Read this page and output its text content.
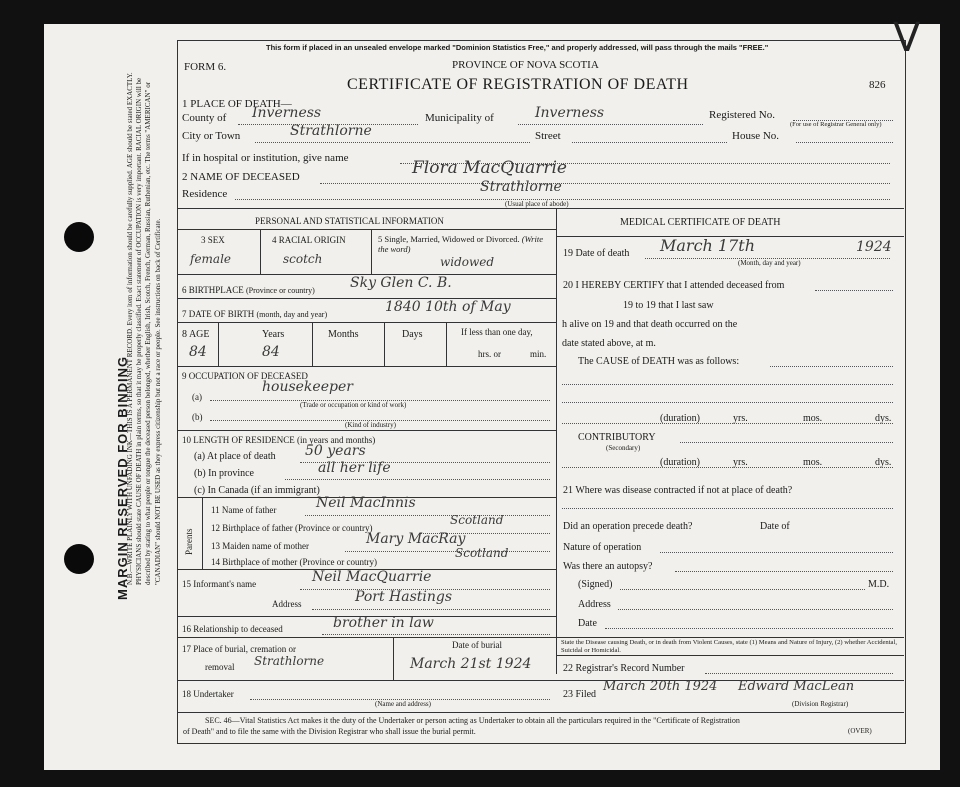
MARGIN RESERVED FOR BINDING
N.B.—WRITE PLAINLY WITH UNFADING INK—THIS IS A PERMANENT RECORD. Every item of information should be carefully supplied. AGE should be stated EXACTLY. PHYSICIANS should state CAUSE OF DEATH in plain terms, so that it may be properly classified. Exact statement of OCCUPATION is very important. RACIAL ORIGIN will be described by stating to what people or tongue the deceased person belonged, whether English, Irish, Scotch, French, German, Russian, Ruthenian, etc. The terms "AMERICAN" or "CANADIAN" should NOT BE USED as they express citizenship but not a race or people. See instructions on back of Certificate.
This form if placed in an unsealed envelope marked "Dominion Statistics Free," and properly addressed, will pass through the mails "FREE."	V
FORM 6.	PROVINCE OF NOVA SCOTIA
CERTIFICATE OF REGISTRATION OF DEATH	826
1 PLACE OF DEATH—
County of Inverness	Municipality of	Inverness	Registered No.
(For use of Registrar General only)
City or Town	Strathlorne	Street	House No.
If in hospital or institution, give name
2 NAME OF DECEASED	Flora MacQuarrie
Residence	Strathlorne
(Usual place of abode)
PERSONAL AND STATISTICAL INFORMATION
3 SEX
female
4 RACIAL ORIGIN
scotch
5 Single, Married, Widowed or Divorced. (Write the word)
widowed
6 BIRTHPLACE (Province or country)	Sky Glen C. B.
7 DATE OF BIRTH (month, day and year)	1840 10th of May
8 AGE
84
Years
84
Months	Days	If less than one day,
hrs. or	min.
9 OCCUPATION OF DECEASED
(a)
housekeeper
(Trade or occupation or kind of work)
(b)
(Kind of industry)
10 LENGTH OF RESIDENCE (in years and months)
(a) At place of death 50 years
(b) In province	all her life
(c) In Canada (if an immigrant)
Parents
11 Name of father	Neil MacInnis
12 Birthplace of father (Province or country)
Scotland
13 Maiden name of mother	Mary MacRay
14 Birthplace of mother (Province or country)
Scotland
15 Informant's name	Neil MacQuarrie
Address	Port Hastings
16 Relationship to deceased	brother in law
17 Place of burial, cremation or
removal Strathlorne
Date of burial
March 21st 1924
18 Undertaker
(Name and address)
MEDICAL CERTIFICATE OF DEATH
19 Date of death March 17th	1924
(Month, day and year)
20 I HEREBY CERTIFY that I attended deceased from
19 to 19 that I last saw
h alive on 19 and that death occurred on the
date stated above, at m.
The CAUSE of DEATH was as follows:
(duration)	yrs.	mos.	dys.
CONTRIBUTORY
(Secondary)
(duration)	yrs.	mos.	dys.
21 Where was disease contracted if not at place of death?
Did an operation precede death?	Date of
Nature of operation
Was there an autopsy?
(Signed)	M.D.
Address
Date
State the Disease causing Death, or in death from Violent Causes, state (1) Means and Nature of Injury, (2) whether Accidental, Suicidal or Homicidal.
22 Registrar's Record Number
23 Filed
March 20th 1924 Edward MacLean
(Division Registrar)
SEC. 46—Vital Statistics Act makes it the duty of the Undertaker or person acting as Undertaker to obtain all the particulars required in the "Certificate of Registration
of Death" and to file the same with the Division Registrar who shall issue the burial permit.	(OVER)
